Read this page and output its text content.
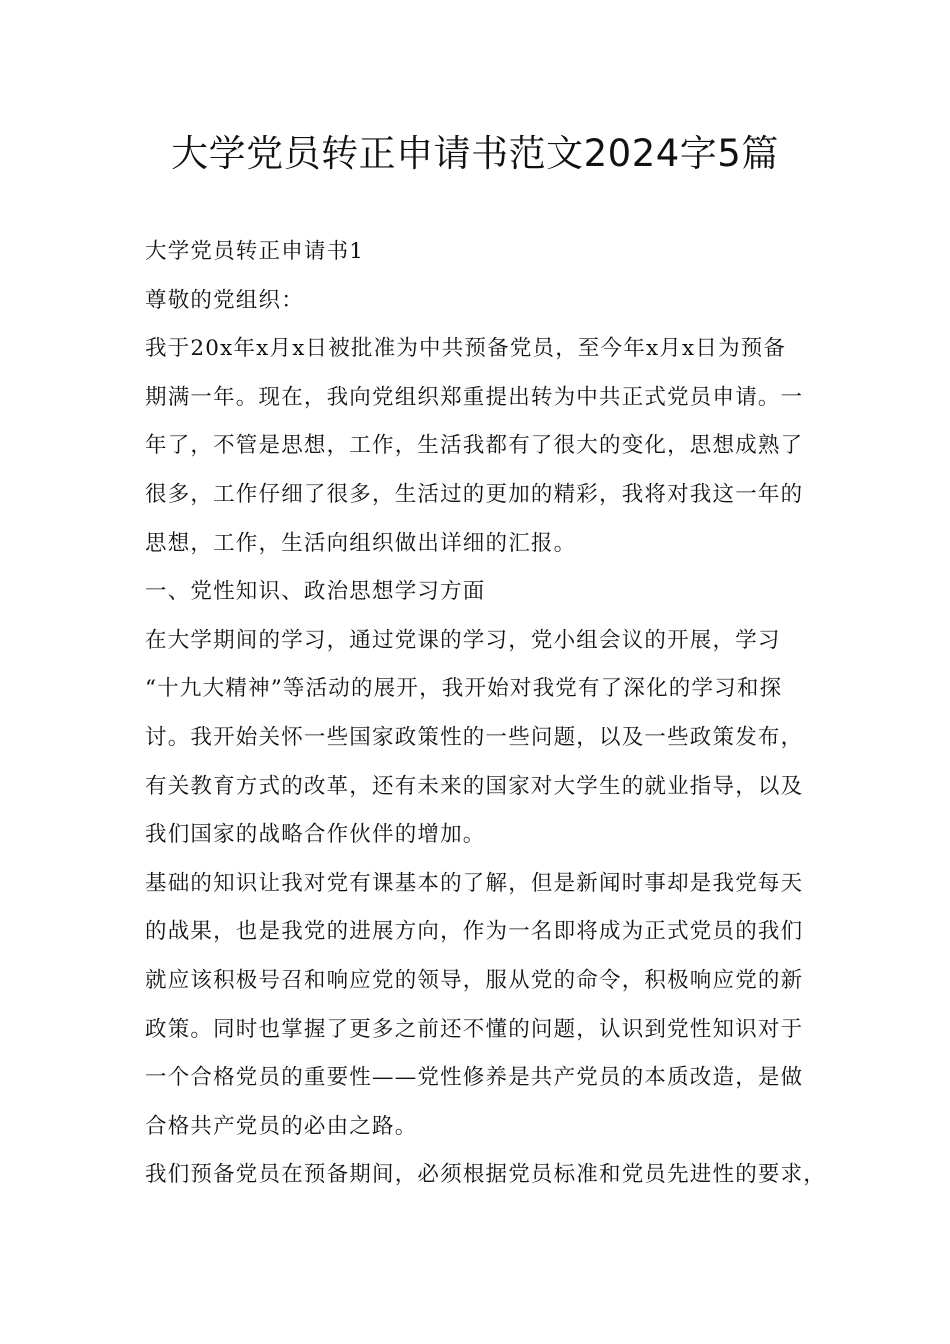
大学党员转正申请书范文2024字5篇
大学党员转正申请书1
尊敬的党组织：
我于20x年x月x日被批准为中共预备党员，至今年x月x日为预备
期满一年。现在，我向党组织郑重提出转为中共正式党员申请。一
年了，不管是思想，工作，生活我都有了很大的变化，思想成熟了
很多，工作仔细了很多，生活过的更加的精彩，我将对我这一年的
思想，工作，生活向组织做出详细的汇报。
一、党性知识、政治思想学习方面
在大学期间的学习，通过党课的学习，党小组会议的开展，学习
“十九大精神”等活动的展开，我开始对我党有了深化的学习和探
讨。我开始关怀一些国家政策性的一些问题，以及一些政策发布，
有关教育方式的改革，还有未来的国家对大学生的就业指导，以及
我们国家的战略合作伙伴的增加。
基础的知识让我对党有课基本的了解，但是新闻时事却是我党每天
的战果，也是我党的进展方向，作为一名即将成为正式党员的我们
就应该积极号召和响应党的领导，服从党的命令，积极响应党的新
政策。同时也掌握了更多之前还不懂的问题，认识到党性知识对于
一个合格党员的重要性——党性修养是共产党员的本质改造，是做
合格共产党员的必由之路。
我们预备党员在预备期间，必须根据党员标准和党员先进性的要求，
